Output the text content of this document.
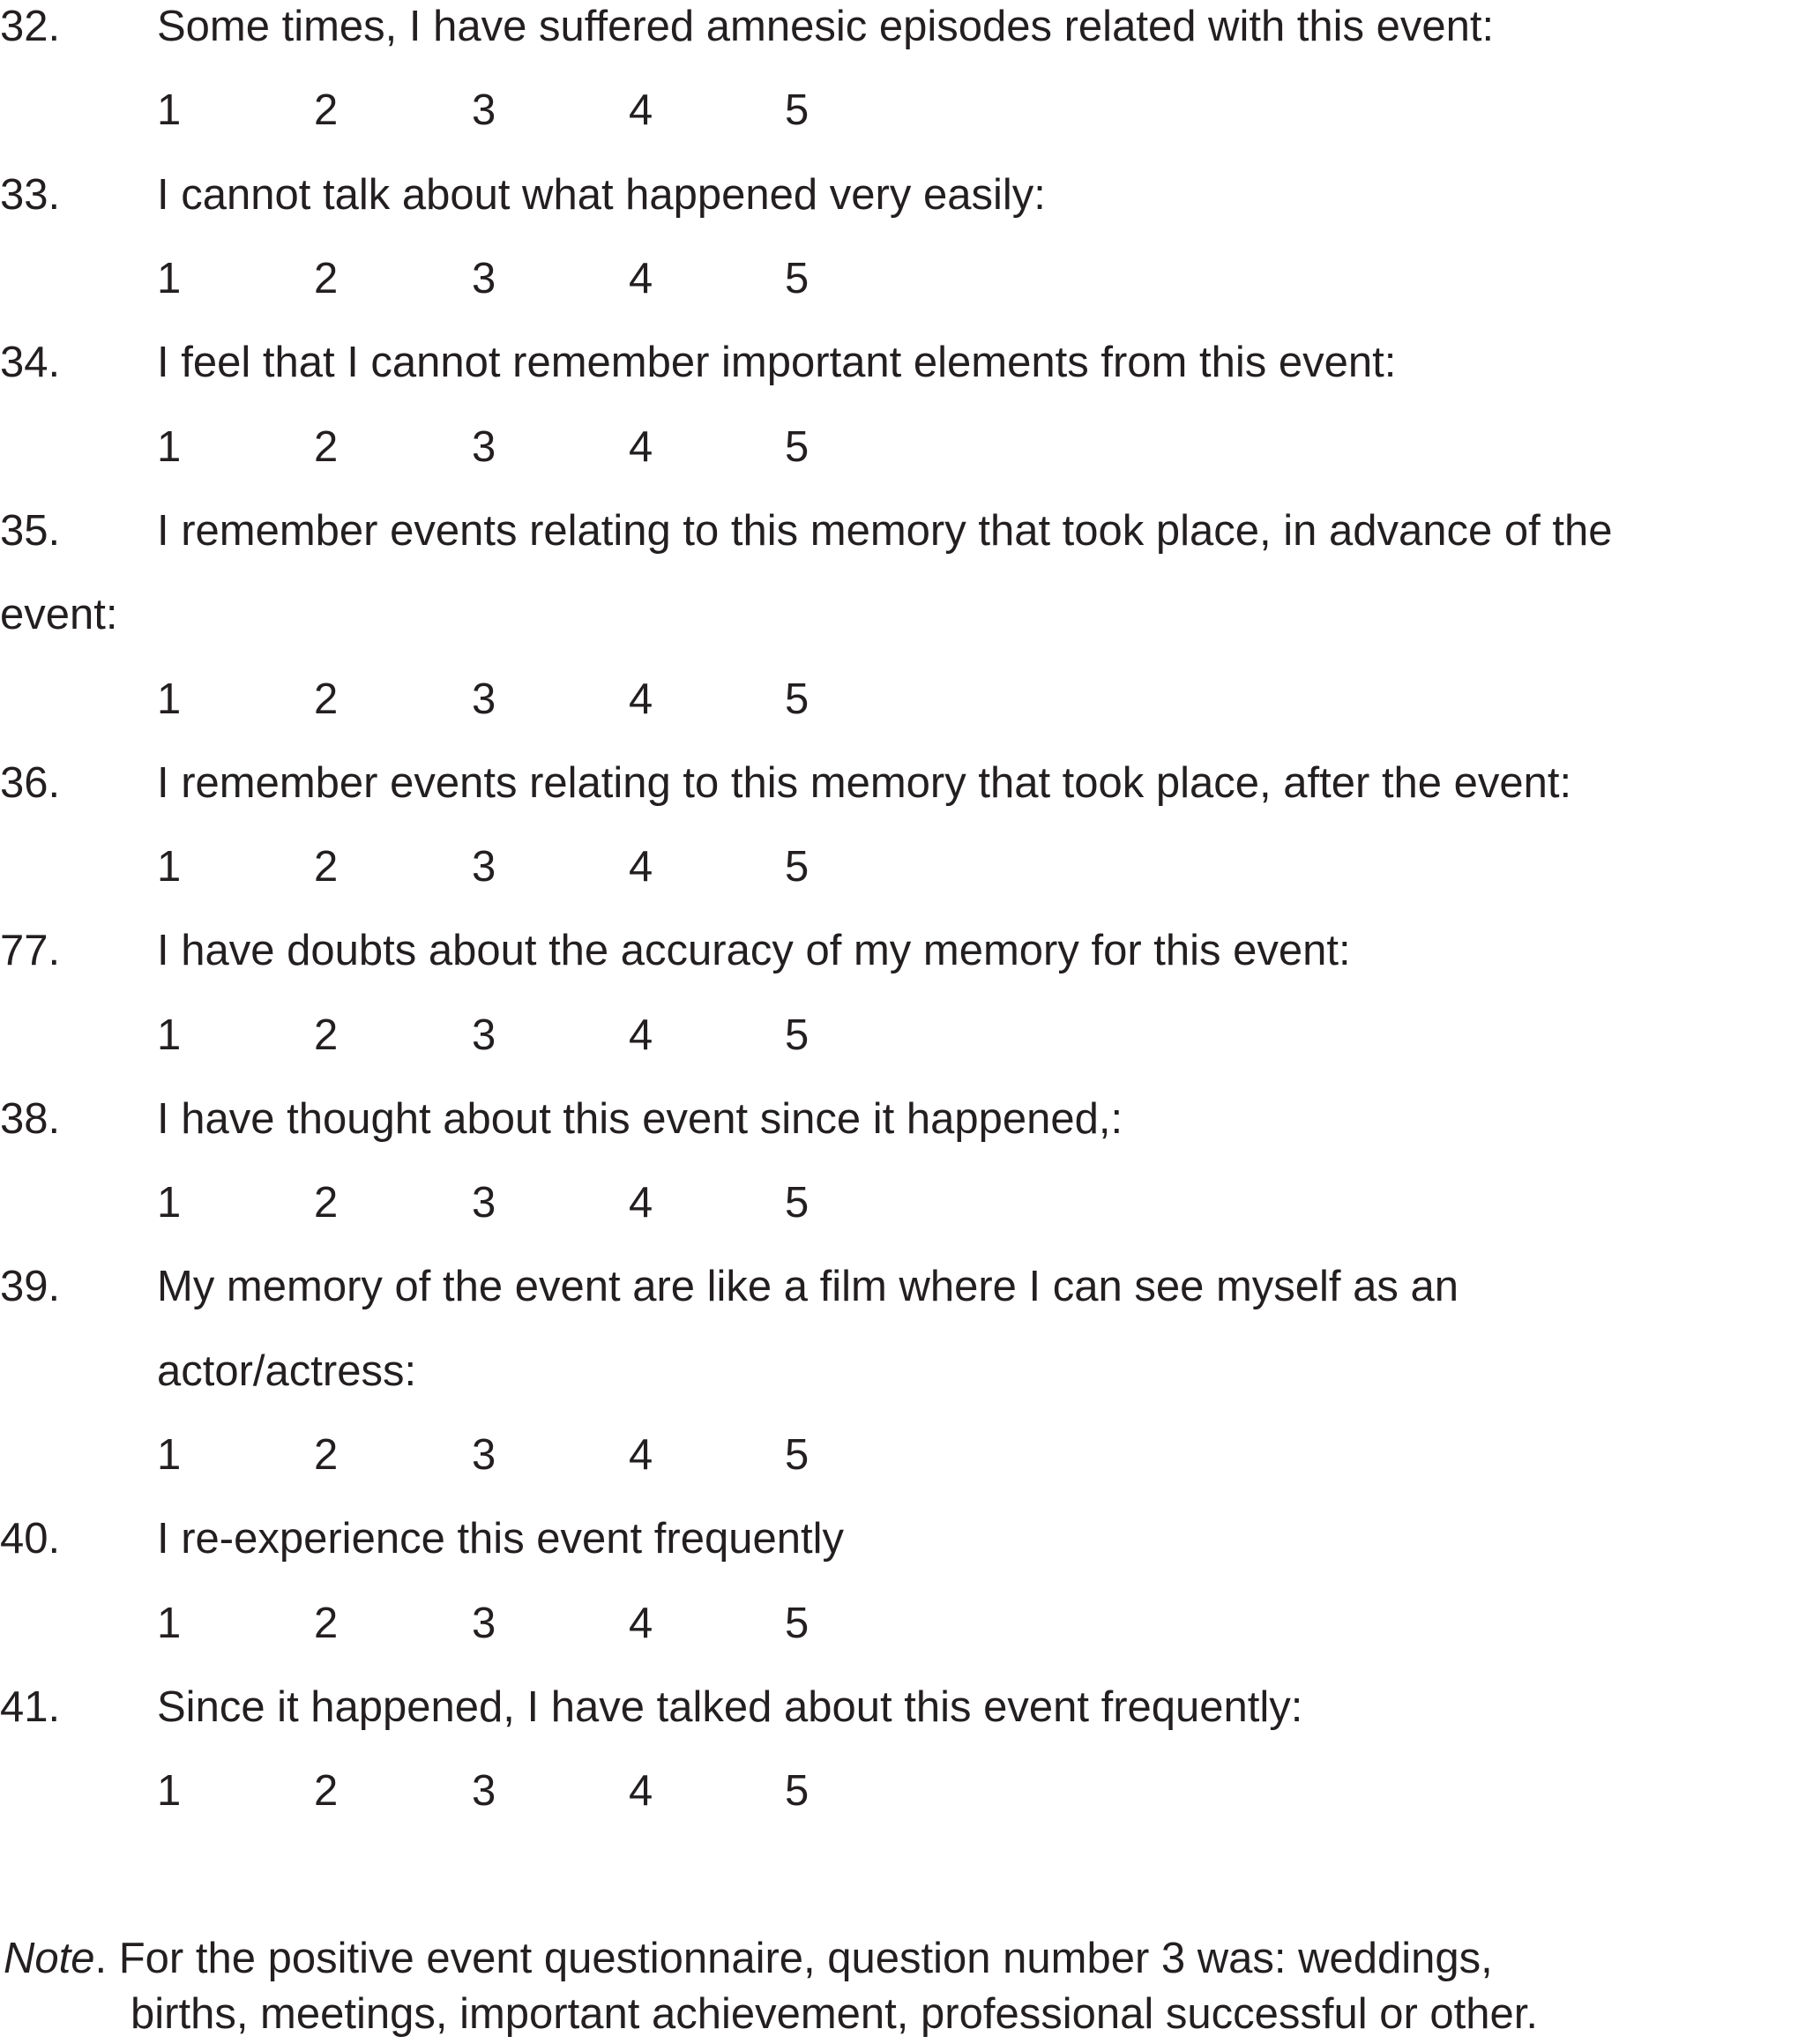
32. Some times, I have suffered amnesic episodes related with this event:
1	2	3	4	5
33. I cannot talk about what happened very easily:
1	2	3	4	5
34. I feel that I cannot remember important elements from this event:
1	2	3	4	5
35. I remember events relating to this memory that took place, in advance of the
event:
1	2	3	4	5
36. I remember events relating to this memory that took place, after the event:
1	2	3	4	5
77. I have doubts about the accuracy of my memory for this event:
1	2	3	4	5
38. I have thought about this event since it happened,:
1	2	3	4	5
39. My memory of the event are like a film where I can see myself as an
actor/actress:
1	2	3	4	5
40. I re-experience this event frequently
1	2	3	4	5
41. Since it happened, I have talked about this event frequently:
1	2	3	4	5
Note. For the positive event questionnaire, question number 3 was: weddings,
births, meetings, important achievement, professional successful or other.
